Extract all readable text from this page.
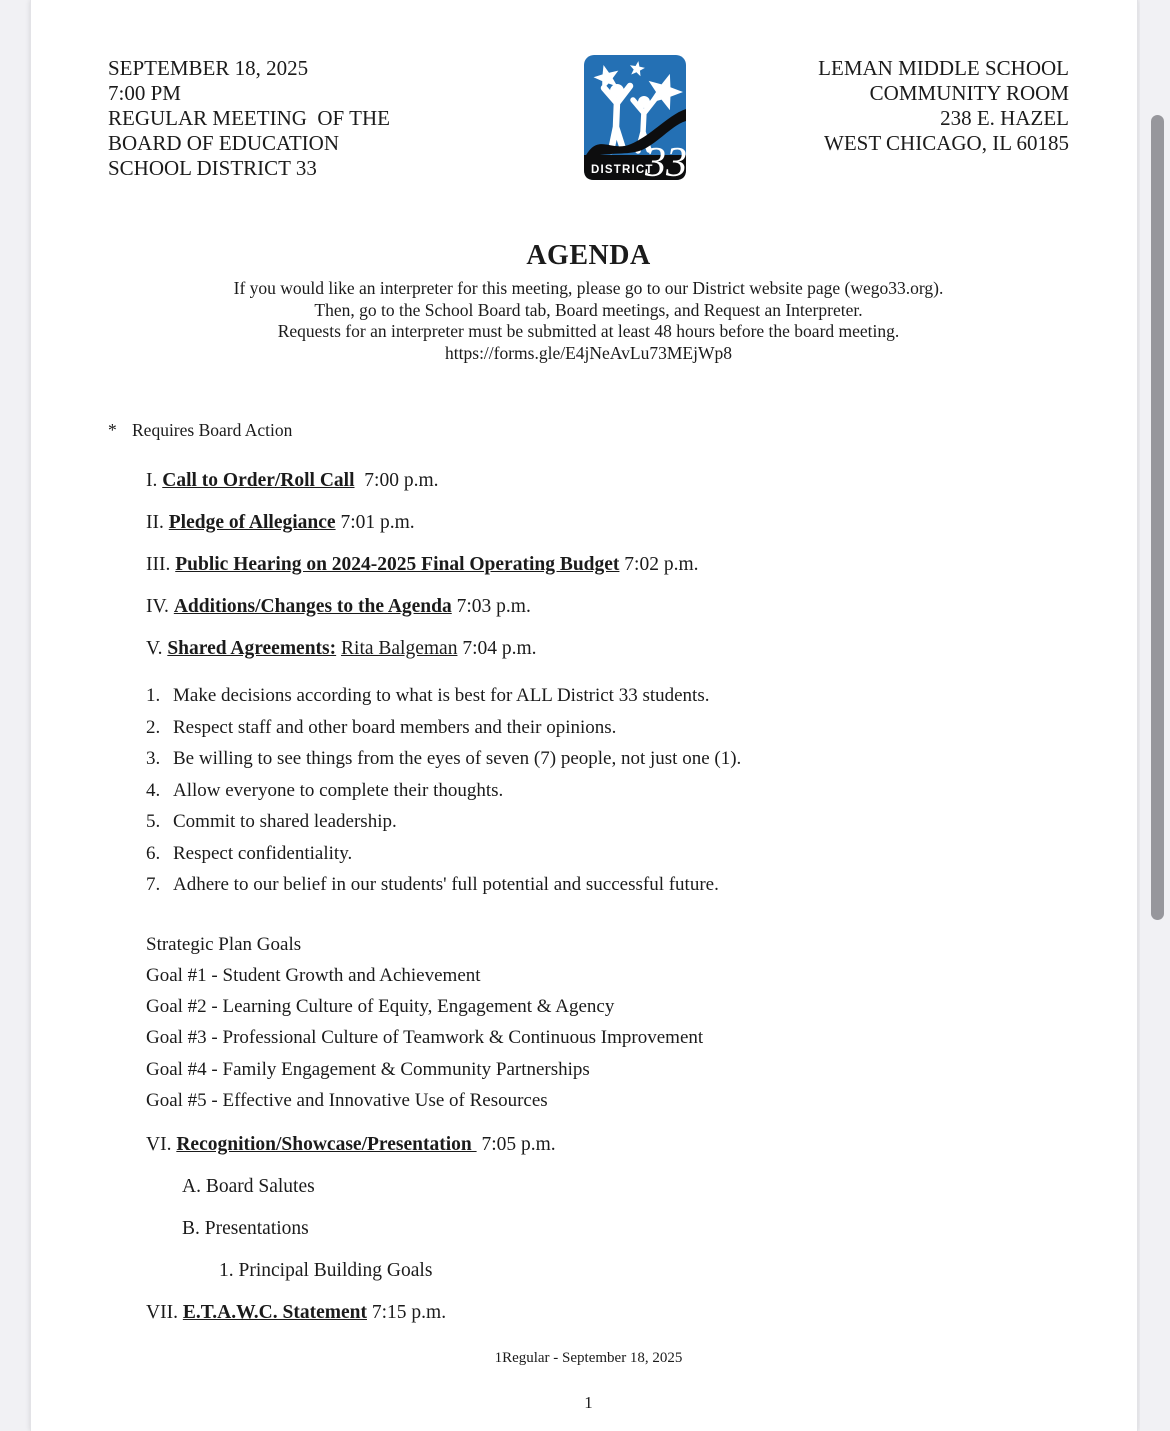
SEPTEMBER 18, 2025
7:00 PM
REGULAR MEETING  OF THE
BOARD OF EDUCATION
SCHOOL DISTRICT 33	DISTRICT
33
LEMAN MIDDLE SCHOOL
COMMUNITY ROOM
238 E. HAZEL
WEST CHICAGO, IL 60185
AGENDA
If you would like an interpreter for this meeting, please go to our District website page (wego33.org).
Then, go to the School Board tab, Board meetings, and Request an Interpreter.
Requests for an interpreter must be submitted at least 48 hours before the board meeting.
https://forms.gle/E4jNeAvLu73MEjWp8
* Requires Board Action
I. Call to Order/Roll Call  7:00 p.m.
II. Pledge of Allegiance 7:01 p.m.
III. Public Hearing on 2024-2025 Final Operating Budget 7:02 p.m.
IV. Additions/Changes to the Agenda 7:03 p.m.
V. Shared Agreements: Rita Balgeman 7:04 p.m.
1. Make decisions according to what is best for ALL District 33 students.
2. Respect staff and other board members and their opinions.
3. Be willing to see things from the eyes of seven (7) people, not just one (1).
4. Allow everyone to complete their thoughts.
5. Commit to shared leadership.
6. Respect confidentiality.
7. Adhere to our belief in our students' full potential and successful future.
Strategic Plan Goals
Goal #1 - Student Growth and Achievement
Goal #2 - Learning Culture of Equity, Engagement & Agency
Goal #3 - Professional Culture of Teamwork & Continuous Improvement
Goal #4 - Family Engagement & Community Partnerships
Goal #5 - Effective and Innovative Use of Resources
VI. Recognition/Showcase/Presentation  7:05 p.m.
A. Board Salutes
B. Presentations
1. Principal Building Goals
VII. E.T.A.W.C. Statement 7:15 p.m.
1Regular - September 18, 2025
1
